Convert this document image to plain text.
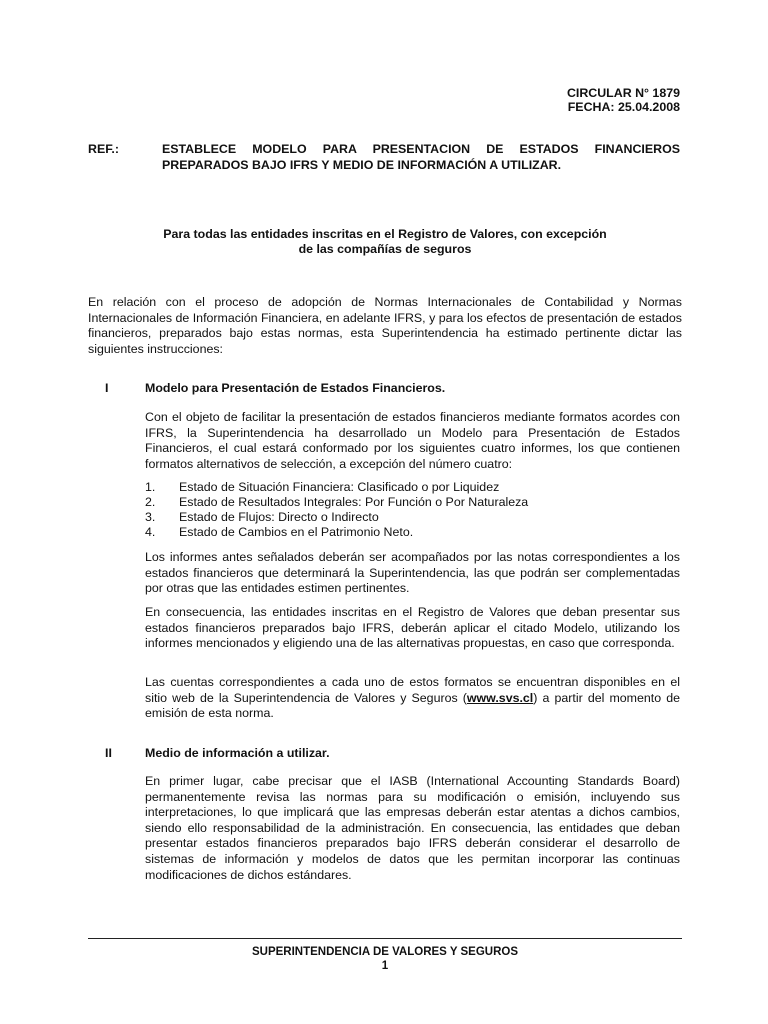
CIRCULAR N° 1879
FECHA: 25.04.2008
REF.:	ESTABLECE MODELO PARA PRESENTACION DE ESTADOS FINANCIEROS PREPARADOS BAJO IFRS Y MEDIO DE INFORMACIÓN A UTILIZAR.
Para todas las entidades inscritas en el Registro de Valores, con excepción
de las compañías de seguros
En relación con el proceso de adopción de Normas Internacionales de Contabilidad y Normas Internacionales de Información Financiera, en adelante IFRS, y para los efectos de presentación de estados financieros, preparados bajo estas normas, esta Superintendencia ha estimado pertinente dictar las siguientes instrucciones:
I	Modelo para Presentación de Estados Financieros.
Con el objeto de facilitar la presentación de estados financieros mediante formatos acordes con IFRS, la Superintendencia ha desarrollado un Modelo para Presentación de Estados Financieros, el cual estará conformado por los siguientes cuatro informes, los que contienen formatos alternativos de selección, a excepción del número cuatro:
1. Estado de Situación Financiera: Clasificado o por Liquidez
2. Estado de Resultados Integrales: Por Función o Por Naturaleza
3. Estado de Flujos: Directo o Indirecto
4. Estado de Cambios en el Patrimonio Neto.
Los informes antes señalados deberán ser acompañados por las notas correspondientes a los estados financieros que determinará la Superintendencia, las que podrán ser complementadas por otras que las entidades estimen pertinentes.
En consecuencia, las entidades inscritas en el Registro de Valores que deban presentar sus estados financieros preparados bajo IFRS, deberán aplicar el citado Modelo, utilizando los informes mencionados y eligiendo una de las alternativas propuestas, en caso que corresponda.
Las cuentas correspondientes a cada uno de estos formatos se encuentran disponibles en el sitio web de la Superintendencia de Valores y Seguros (www.svs.cl) a partir del momento de emisión de esta norma.
II	Medio de información a utilizar.
En primer lugar, cabe precisar que el IASB (International Accounting Standards Board) permanentemente revisa las normas para su modificación o emisión, incluyendo sus interpretaciones, lo que implicará que las empresas deberán estar atentas a dichos cambios, siendo ello responsabilidad de la administración. En consecuencia, las entidades que deban presentar estados financieros preparados bajo IFRS deberán considerar el desarrollo de sistemas de información y modelos de datos que les permitan incorporar las continuas modificaciones de dichos estándares.
SUPERINTENDENCIA DE VALORES Y SEGUROS
1
